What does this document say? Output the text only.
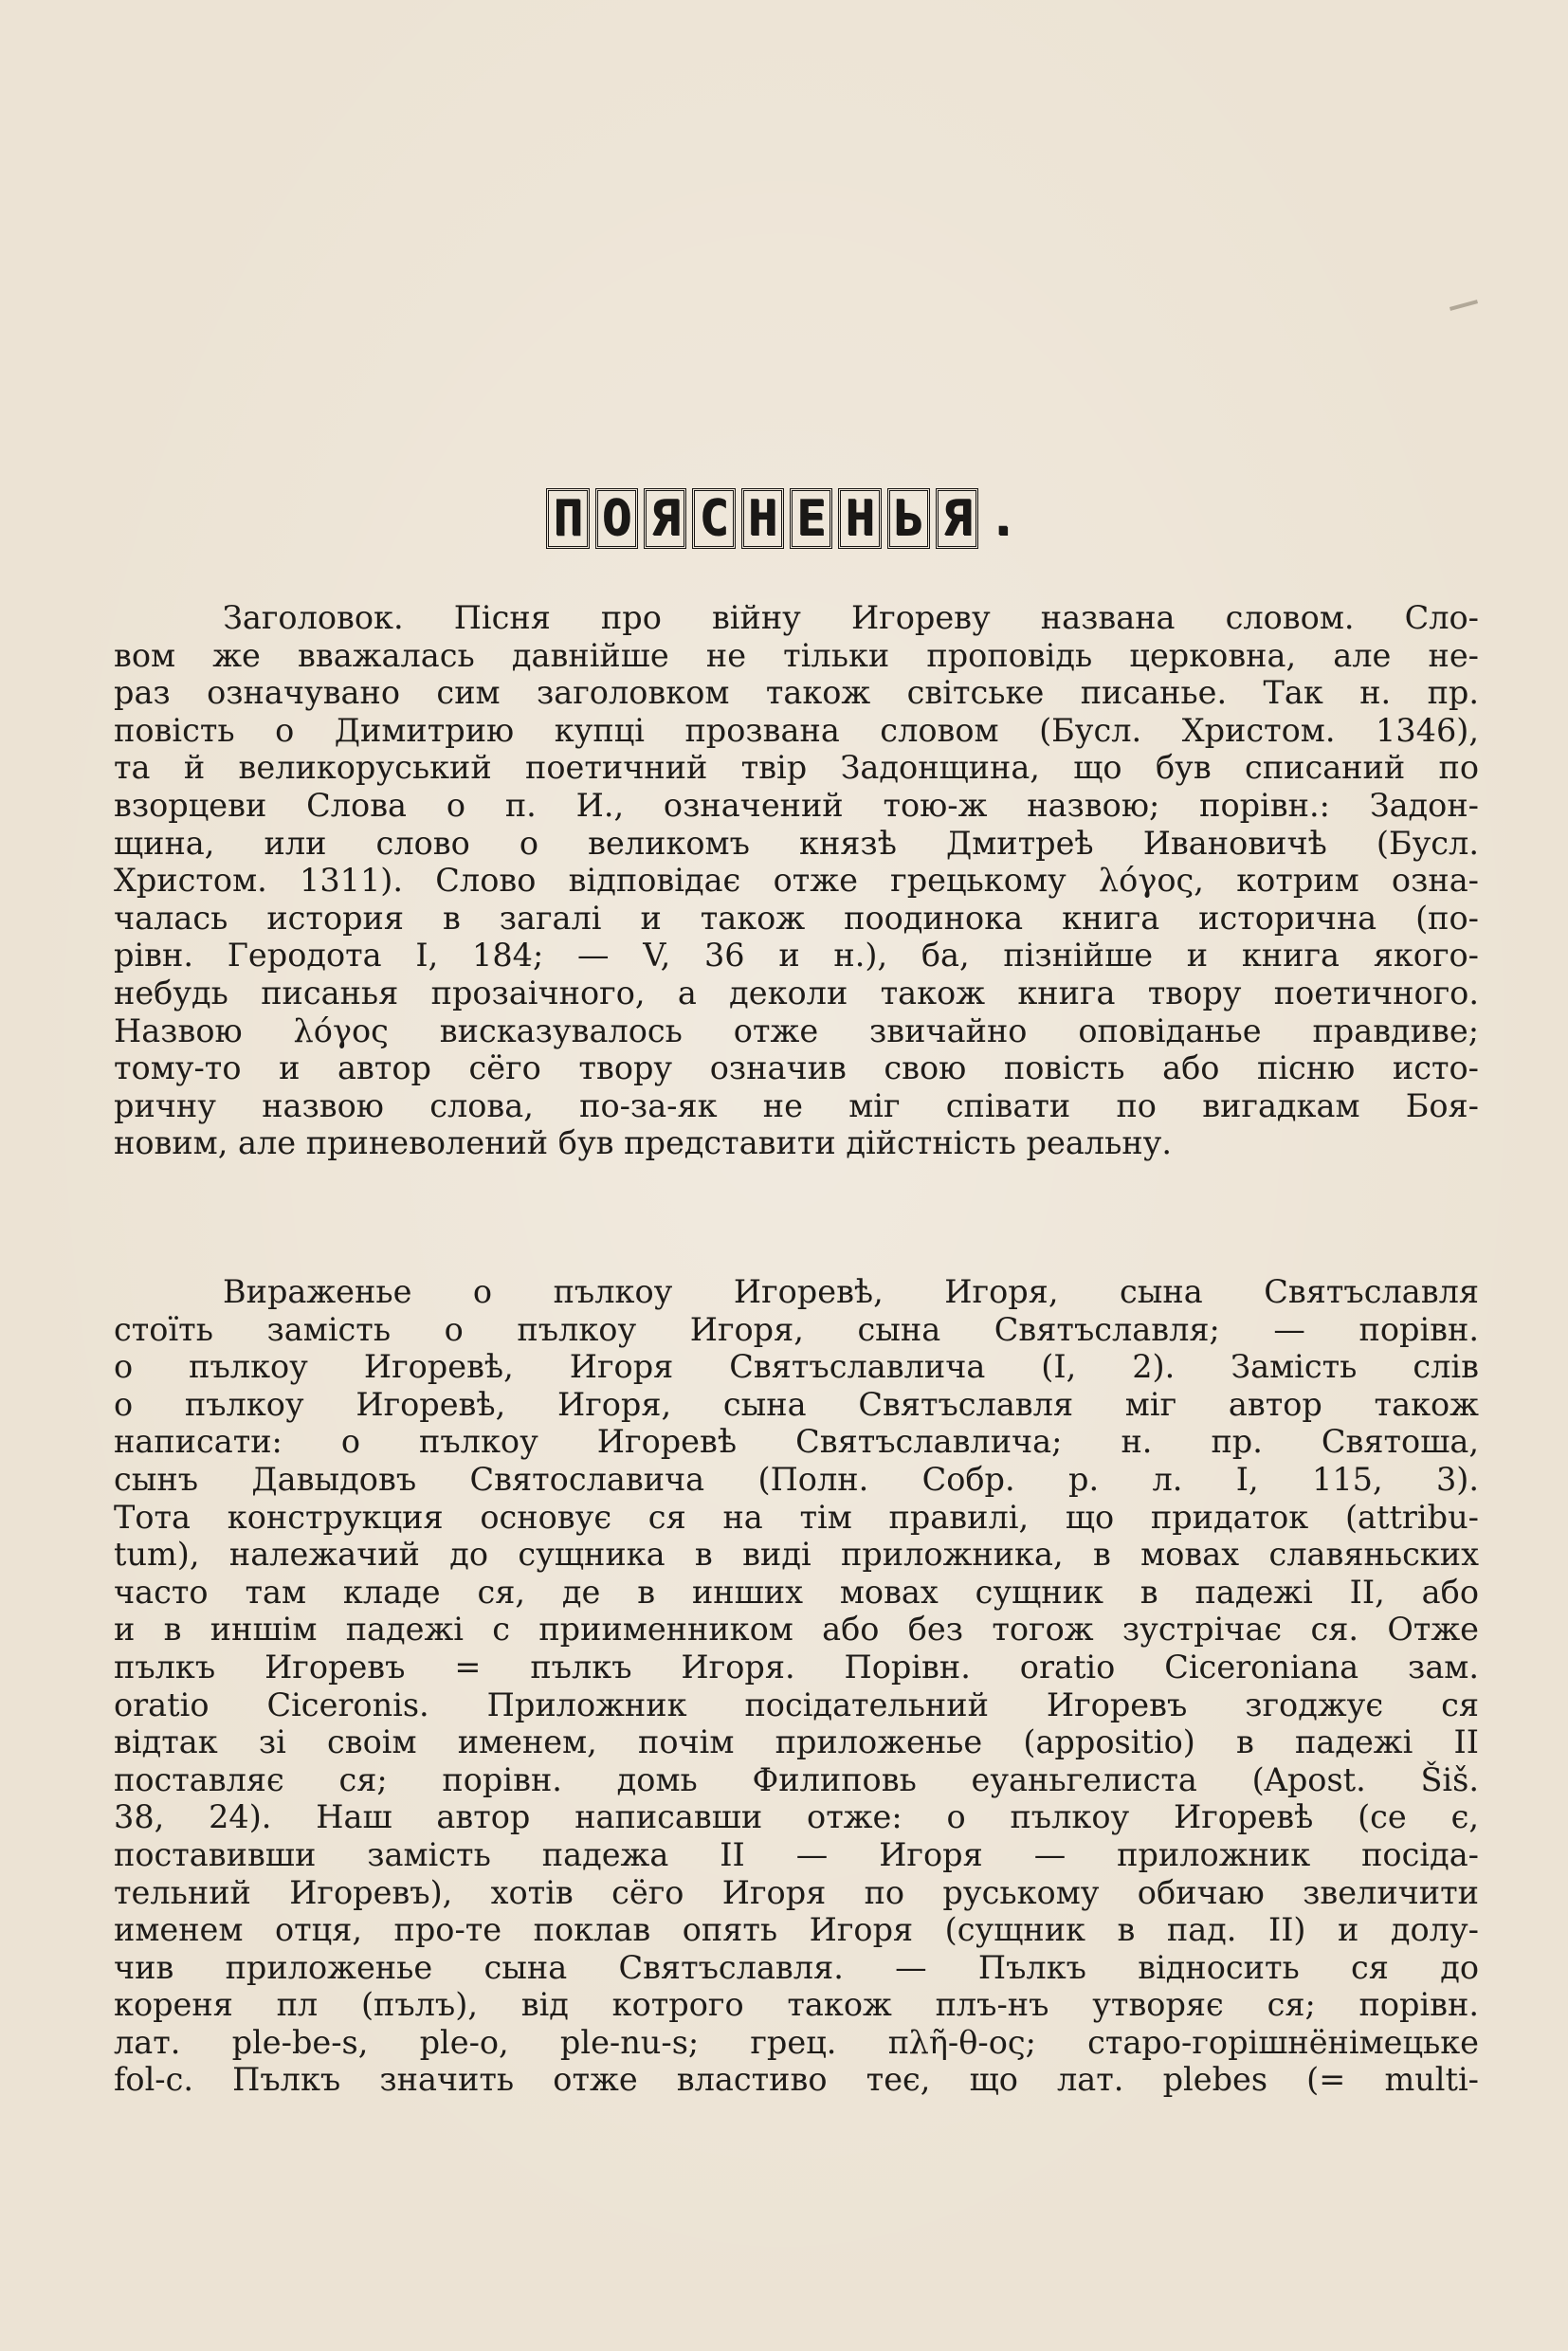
П О Я С Н Е Н Ь Я .
Заголовок. Пісня про війну Игореву названа словом. Сло-
вом же вважалась давнійше не тільки проповідь церковна, але не-
раз означувано сим заголовком також світське писанье. Так н. пр.
повість о Димитрию купці прозвана словом (Бусл. Христом. 1346),
та й великоруський поетичний твір Задонщина, що був списаний по
взорцеви Слова о п. И., означений тою-ж назвою; порівн.: Задон-
щина, или слово о великомъ князѣ Дмитреѣ Ивановичѣ (Бусл.
Христом. 1311). Слово відповідає отже грецькому λόγος, котрим озна-
чалась история в загалі и також поодинока книга исторична (по-
рівн. Геродота I, 184; — V, 36 и н.), ба, пізнійше и книга якого-
небудь писанья прозаічного, а деколи також книга твору поетичного.
Назвою λόγος висказувалось отже звичайно оповіданье правдиве;
тому-то и автор сёго твору означив свою повість або пісню исто-
ричну назвою слова, по-за-як не міг співати по вигадкам Боя-
новим, але приневолений був представити дійстність реальну.
Вираженье о пълкоу Игоревѣ, Игоря, сына Святъславля
стоїть замість о пълкоу Игоря, сына Святъславля; — порівн.
о пълкоу Игоревѣ, Игоря Святъславлича (I, 2). Замість слів
о пълкоу Игоревѣ, Игоря, сына Святъславля міг автор також
написати: о пълкоу Игоревѣ Святъславлича; н. пр. Святоша,
сынъ Давыдовъ Святославича (Полн. Собр. р. л. I, 115, 3).
Тота конструкция основує ся на тім правилі, що придаток (attribu-
tum), належачий до сущника в виді приложника, в мовах славяньских
часто там кладе ся, де в инших мовах сущник в падежі II, або
и в иншім падежі с приименником або без тогож зустрічає ся. Отже
пълкъ Игоревъ = пълкъ Игоря. Порівн. oratio Ciceroniana зам.
oratio Ciceronis. Приложник посідательний Игоревъ згоджує ся
відтак зі своім именем, почім приложенье (appositio) в падежі II
поставляє ся; порівн. домь Филиповь еуаньгелиста (Apost. Šiš.
38, 24). Наш автор написавши отже: о пълкоу Игоревѣ (се є,
поставивши замість падежа II — Игоря — приложник посіда-
тельний Игоревъ), хотів сёго Игоря по руському обичаю звеличити
именем отця, про-те поклав опять Игоря (сущник в пад. II) и долу-
чив приложенье сына Святъславля. — Пълкъ відносить ся до
кореня пл (пълъ), від котрого також плъ-нъ утворяє ся; порівн.
лат. ple-be-s, ple-o, ple-nu-s; грец. πλῆ-θ-ος; старо-горішнёнімецьке
fol-c. Пълкъ значить отже властиво теє, що лат. plebes (= multi-
